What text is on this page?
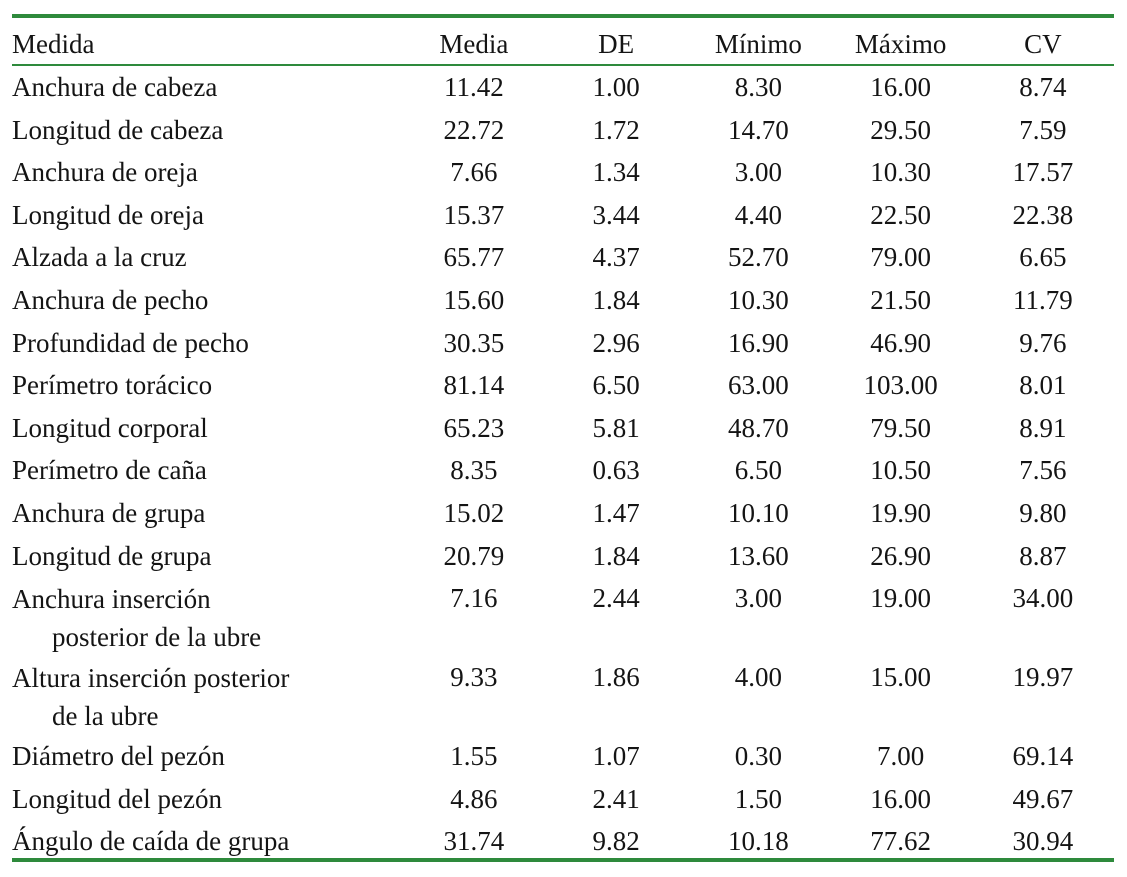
Medida	Media	DE	Mínimo	Máximo	CV
Anchura de cabeza	11.42	1.00	8.30	16.00	8.74
Longitud de cabeza	22.72	1.72	14.70	29.50	7.59
Anchura de oreja	7.66	1.34	3.00	10.30	17.57
Longitud de oreja	15.37	3.44	4.40	22.50	22.38
Alzada a la cruz	65.77	4.37	52.70	79.00	6.65
Anchura de pecho	15.60	1.84	10.30	21.50	11.79
Profundidad de pecho	30.35	2.96	16.90	46.90	9.76
Perímetro torácico	81.14	6.50	63.00	103.00	8.01
Longitud corporal	65.23	5.81	48.70	79.50	8.91
Perímetro de caña	8.35	0.63	6.50	10.50	7.56
Anchura de grupa	15.02	1.47	10.10	19.90	9.80
Longitud de grupa	20.79	1.84	13.60	26.90	8.87

Anchura inserción
posterior de la ubre	7.16	2.44	3.00	19.00	34.00

Altura inserción posterior
de la ubre	9.33	1.86	4.00	15.00	19.97
Diámetro del pezón	1.55	1.07	0.30	7.00	69.14
Longitud del pezón	4.86	2.41	1.50	16.00	49.67
Ángulo de caída de grupa	31.74	9.82	10.18	77.62	30.94
